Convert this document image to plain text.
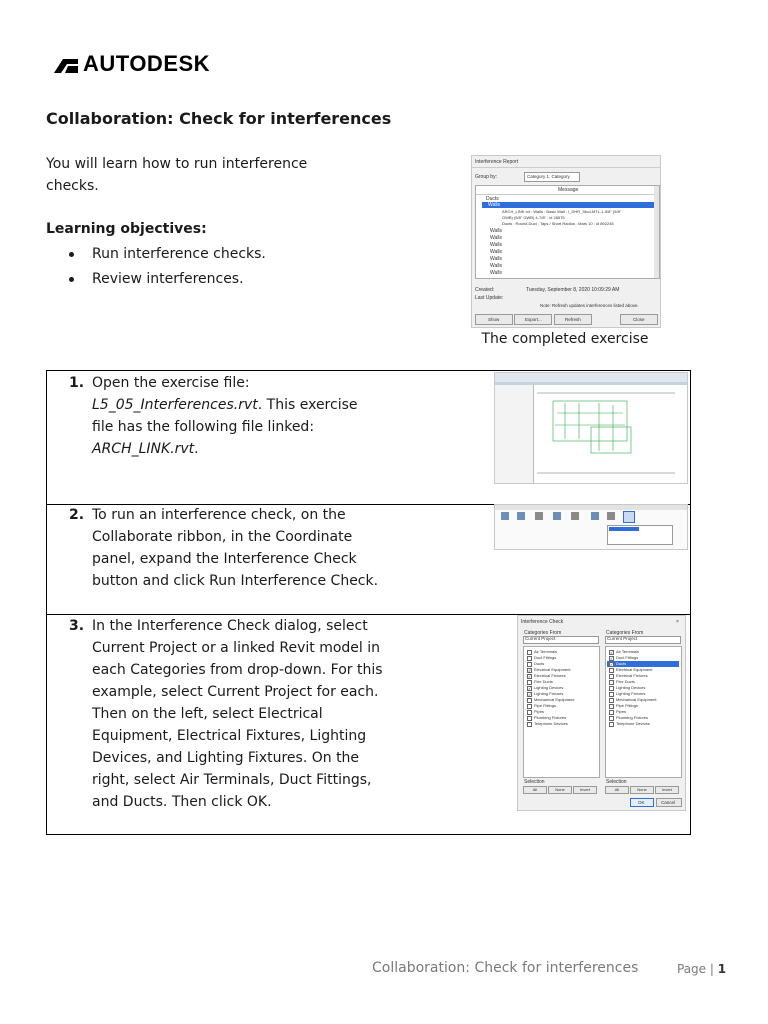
AUTODESK
Collaboration: Check for interferences
You will learn how to run interference checks.
Learning objectives:
Run interference checks.
Review interferences.
Interference Report
Group by:	Category 1, Category
Message
Ducts
Walls
ARCH_LINK.rvt : Walls : Basic Wall : I_DHR_Stud-MTL-1-5/8" (5/8"
GWB) (5/8" GWB) 4-7/8" : id 28575
Ducts : Round Duct : Taps / Short Radius : Mark 10 : id 892248
Walls
Walls
Walls
Walls
Walls
Walls
Walls
Created:	Tuesday, September 8, 2020 10:09:29 AM
Last Update:
Note: Refresh updates interferences listed above.
Show	Export...	Refresh	Close
The completed exercise
1. Open the exercise file:
L5_05_Interferences.rvt. This exercise
file has the following file linked:
ARCH_LINK.rvt.
2. To run an interference check, on the
Collaborate ribbon, in the Coordinate
panel, expand the Interference Check
button and click Run Interference Check.
3. In the Interference Check dialog, select
Current Project or a linked Revit model in
each Categories from drop-down. For this
example, select Current Project for each.
Then on the left, select Electrical
Equipment, Electrical Fixtures, Lighting
Devices, and Lighting Fixtures. On the
right, select Air Terminals, Duct Fittings,
and Ducts. Then click OK.
Interference Check	×
Categories From
Current Project
Categories From
Current Project
Air Terminals
Duct Fittings
Ducts
✓ Electrical Equipment
✓ Electrical Fixtures
Flex Ducts
✓ Lighting Devices
✓ Lighting Fixtures
Mechanical Equipment
Pipe Fittings
Pipes
Plumbing Fixtures
Telephone Devices
✓ Air Terminals
✓ Duct Fittings
✓ Ducts
Electrical Equipment
Electrical Fixtures
Flex Ducts
Lighting Devices
Lighting Fixtures
Mechanical Equipment
Pipe Fittings
Pipes
Plumbing Fixtures
Telephone Devices
Selection	Selection
All	None	Invert	All	None	Invert
OK	Cancel
Collaboration: Check for interferences	Page | 1
